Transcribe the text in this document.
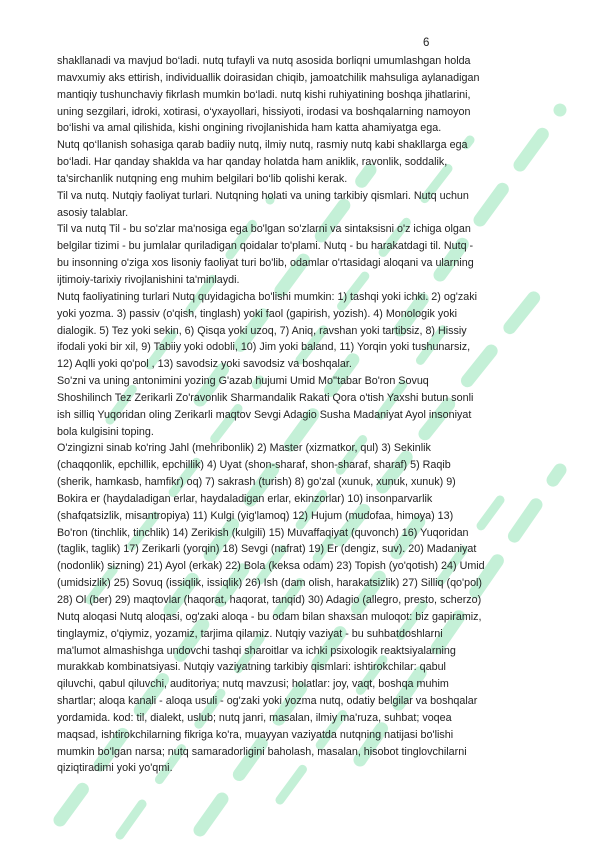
6
shakllanadi va mavjud bo‘ladi. nutq tufayli va nutq asosida borliqni umumlashgan holda
mavxumiy aks ettirish, individuallik doirasidan chiqib, jamoatchilik mahsuliga aylanadigan
mantiqiy tushunchaviy fikrlash mumkin bo‘ladi. nutq kishi ruhiyatining boshqa jihatlarini,
uning sezgilari, idroki, xotirasi, o‘yxayollari, hissiyoti, irodasi va boshqalarning namoyon
bo‘lishi va amal qilishida, kishi ongining rivojlanishida ham katta ahamiyatga ega.
Nutq qo‘llanish sohasiga qarab badiiy nutq, ilmiy nutq, rasmiy nutq kabi shakllarga ega
bo‘ladi. Har qanday shaklda va har qanday holatda ham aniklik, ravonlik, soddalik,
ta’sirchanlik nutqning eng muhim belgilari bo‘lib qolishi kerak.
Til va nutq. Nutqiy faoliyat turlari. Nutqning holati va uning tarkibiy qismlari. Nutq uchun
asosiy talablar.
Til va nutq Til - bu so'zlar ma'nosiga ega bo'lgan so'zlarni va sintaksisni o'z ichiga olgan
belgilar tizimi - bu jumlalar quriladigan qoidalar to'plami. Nutq - bu harakatdagi til. Nutq -
bu insonning o'ziga xos lisoniy faoliyat turi bo'lib, odamlar o'rtasidagi aloqani va ularning
ijtimoiy-tarixiy rivojlanishini ta'minlaydi.
Nutq faoliyatining turlari Nutq quyidagicha bo'lishi mumkin: 1) tashqi yoki ichki. 2) og'zaki
yoki yozma. 3) passiv (o'qish, tinglash) yoki faol (gapirish, yozish). 4) Monologik yoki
dialogik. 5) Tez yoki sekin, 6) Qisqa yoki uzoq, 7) Aniq, ravshan yoki tartibsiz, 8) Hissiy
ifodali yoki bir xil, 9) Tabiiy yoki odobli, 10) Jim yoki baland, 11) Yorqin yoki tushunarsiz,
12) Aqlli yoki qo'pol , 13) savodsiz yoki savodsiz va boshqalar.
So'zni va uning antonimini yozing G'azab hujumi Umid Mo''tabar Bo'ron Sovuq
Shoshilinch Tez Zerikarli Zo'ravonlik Sharmandalik Rakati Qora o'tish Yaxshi butun sonli
ish silliq Yuqoridan oling Zerikarli maqtov Sevgi Adagio Susha Madaniyat Ayol insoniyat
bola kulgisini toping.
O'zingizni sinab ko'ring Jahl (mehribonlik) 2) Master (xizmatkor, qul) 3) Sekinlik
(chaqqonlik, epchillik, epchillik) 4) Uyat (shon-sharaf, shon-sharaf, sharaf) 5) Raqib
(sherik, hamkasb, hamfikr) oq) 7) sakrash (turish) 8) go'zal (xunuk, xunuk, xunuk) 9)
Bokira er (haydaladigan erlar, haydaladigan erlar, ekinzorlar) 10) insonparvarlik
(shafqatsizlik, misantropiya) 11) Kulgi (yig'lamoq) 12) Hujum (mudofaa, himoya) 13)
Bo'ron (tinchlik, tinchlik) 14) Zerikish (kulgili) 15) Muvaffaqiyat (quvonch) 16) Yuqoridan
(taglik, taglik) 17) Zerikarli (yorqin) 18) Sevgi (nafrat) 19) Er (dengiz, suv). 20) Madaniyat
(nodonlik) sizning) 21) Ayol (erkak) 22) Bola (keksa odam) 23) Topish (yo'qotish) 24) Umid
(umidsizlik) 25) Sovuq (issiqlik, issiqlik) 26) Ish (dam olish, harakatsizlik) 27) Silliq (qo'pol)
28) Ol (ber) 29) maqtovlar (haqorat, haqorat, tanqid) 30) Adagio (allegro, presto, scherzo)
Nutq aloqasi Nutq aloqasi, og'zaki aloqa - bu odam bilan shaxsan muloqot: biz gapiramiz,
tinglaymiz, o'qiymiz, yozamiz, tarjima qilamiz. Nutqiy vaziyat - bu suhbatdoshlarni
ma'lumot almashishga undovchi tashqi sharoitlar va ichki psixologik reaktsiyalarning
murakkab kombinatsiyasi. Nutqiy vaziyatning tarkibiy qismlari: ishtirokchilar: qabul
qiluvchi, qabul qiluvchi, auditoriya; nutq mavzusi; holatlar: joy, vaqt, boshqa muhim
shartlar; aloqa kanali - aloqa usuli - og'zaki yoki yozma nutq, odatiy belgilar va boshqalar
yordamida. kod: til, dialekt, uslub; nutq janri, masalan, ilmiy ma'ruza, suhbat; voqea
maqsad, ishtirokchilarning fikriga ko'ra, muayyan vaziyatda nutqning natijasi bo'lishi
mumkin bo'lgan narsa; nutq samaradorligini baholash, masalan, hisobot tinglovchilarni
qiziqtiradimi yoki yo'qmi.
